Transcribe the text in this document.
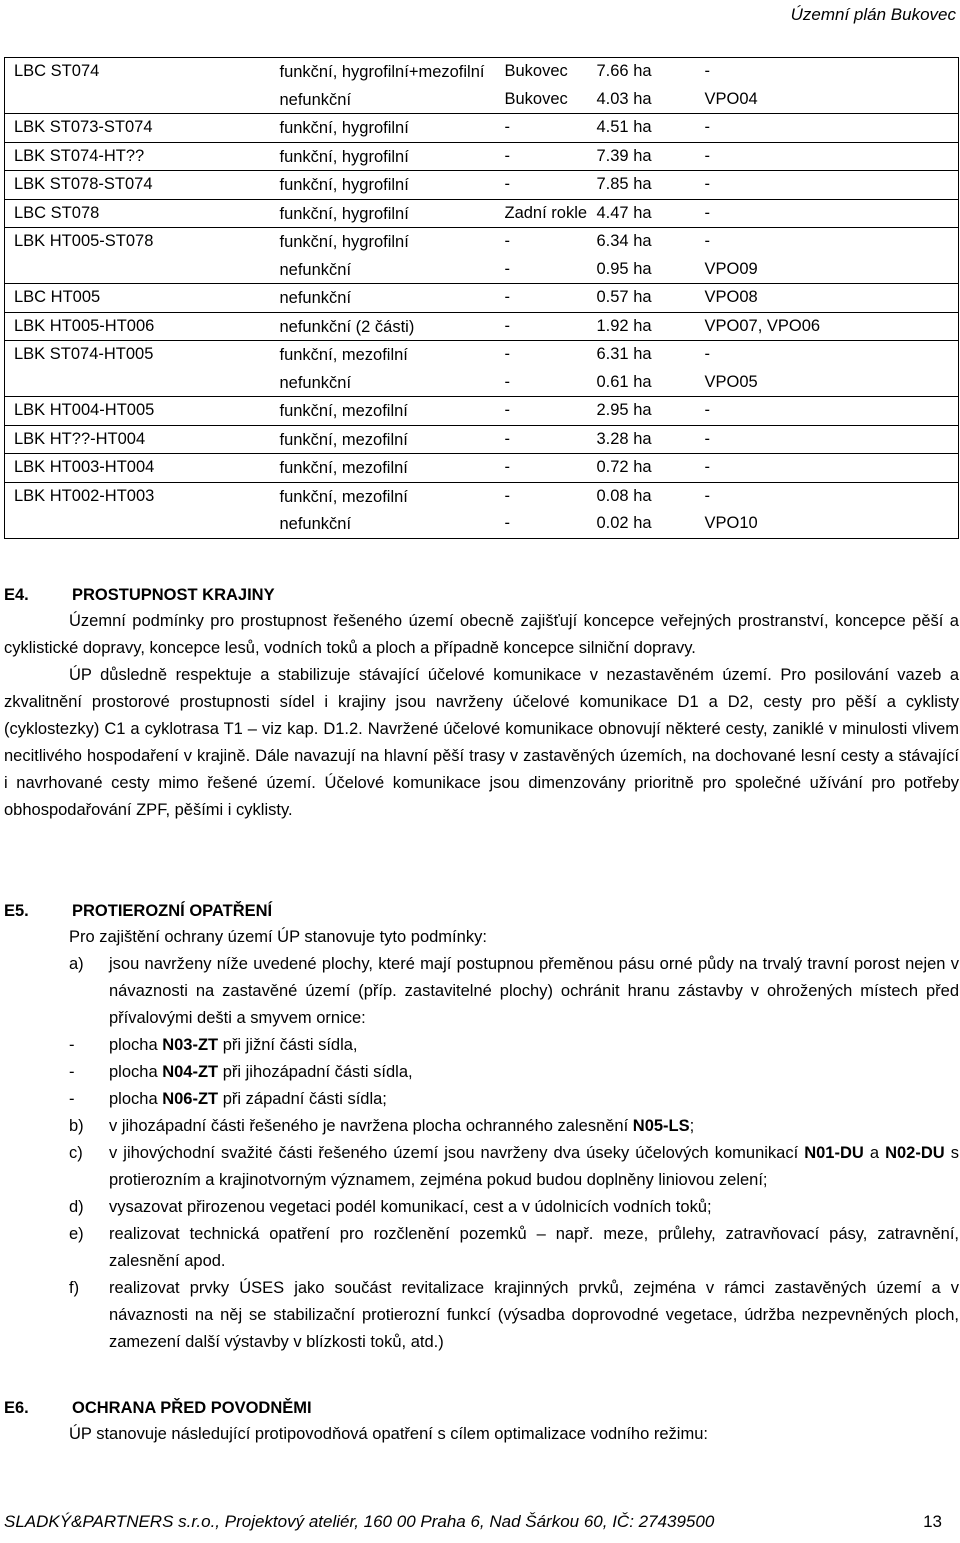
Územní plán Bukovec
LBC ST074	funkční, hygrofilní+mezofilní	Bukovec	7.66 ha	-
	nefunkční	Bukovec	4.03 ha	VPO04
LBK ST073-ST074	funkční, hygrofilní	-	4.51 ha	-
LBK ST074-HT??	funkční, hygrofilní	-	7.39 ha	-
LBK ST078-ST074	funkční, hygrofilní	-	7.85 ha	-
LBC ST078	funkční, hygrofilní	Zadní rokle	4.47 ha	-
LBK HT005-ST078	funkční, hygrofilní	-	6.34 ha	-
	nefunkční	-	0.95 ha	VPO09
LBC HT005	nefunkční	-	0.57 ha	VPO08
LBK HT005-HT006	nefunkční (2 části)	-	1.92 ha	VPO07, VPO06
LBK ST074-HT005	funkční, mezofilní	-	6.31 ha	-
	nefunkční	-	0.61 ha	VPO05
LBK HT004-HT005	funkční, mezofilní	-	2.95 ha	-
LBK HT??-HT004	funkční, mezofilní	-	3.28 ha	-
LBK HT003-HT004	funkční, mezofilní	-	0.72 ha	-
LBK HT002-HT003	funkční, mezofilní	-	0.08 ha	-
	nefunkční	-	0.02 ha	VPO10
E4.	PROSTUPNOST KRAJINY

Územní podmínky pro prostupnost řešeného území obecně zajišťují koncepce veřejných prostranství, koncepce pěší a cyklistické dopravy, koncepce lesů, vodních toků a ploch a případně koncepce silniční dopravy.

ÚP důsledně respektuje a stabilizuje stávající účelové komunikace v nezastavěném území. Pro posilování vazeb a zkvalitnění prostorové prostupnosti sídel i krajiny jsou navrženy účelové komunikace D1 a D2, cesty pro pěší a cyklisty (cyklostezky) C1 a cyklotrasa T1 – viz kap. D1.2. Navržené účelové komunikace obnovují některé cesty, zaniklé v minulosti vlivem necitlivého hospodaření v krajině. Dále navazují na hlavní pěší trasy v zastavěných územích, na dochované lesní cesty a stávající i navrhované cesty mimo řešené území. Účelové komunikace jsou dimenzovány prioritně pro společné užívání pro potřeby obhospodařování ZPF, pěšími i cyklisty.

E5.	PROTIEROZNÍ OPATŘENÍ
Pro zajištění ochrany území ÚP stanovuje tyto podmínky:
a)	jsou navrženy níže uvedené plochy, které mají postupnou přeměnou pásu orné půdy na trvalý travní porost nejen v návaznosti na zastavěné území (příp. zastavitelné plochy) ochránit hranu zástavby v ohrožených místech před přívalovými dešti a smyvem ornice:
-	plocha N03-ZT při jižní části sídla,
-	plocha N04-ZT při jihozápadní části sídla,
-	plocha N06-ZT při západní části sídla;
b)	v jihozápadní části řešeného je navržena plocha ochranného zalesnění N05-LS;
c)	v jihovýchodní svažité části řešeného území jsou navrženy dva úseky účelových komunikací N01-DU a N02-DU s protierozním a krajinotvorným významem, zejména pokud budou doplněny liniovou zelení;
d)	vysazovat přirozenou vegetaci podél komunikací, cest a v údolnicích vodních toků;
e)	realizovat technická opatření pro rozčlenění pozemků – např. meze, průlehy, zatravňovací pásy, zatravnění, zalesnění apod.
f)	realizovat prvky ÚSES jako součást revitalizace krajinných prvků, zejména v rámci zastavěných území a v návaznosti na něj se stabilizační protierozní funkcí (výsadba doprovodné vegetace, údržba nezpevněných ploch, zamezení další výstavby v blízkosti toků, atd.)
E6.	OCHRANA PŘED POVODNĚMI
ÚP stanovuje následující protipovodňová opatření s cílem optimalizace vodního režimu:
SLADKÝ&PARTNERS s.r.o., Projektový ateliér, 160 00 Praha 6, Nad Šárkou 60, IČ: 27439500	13
